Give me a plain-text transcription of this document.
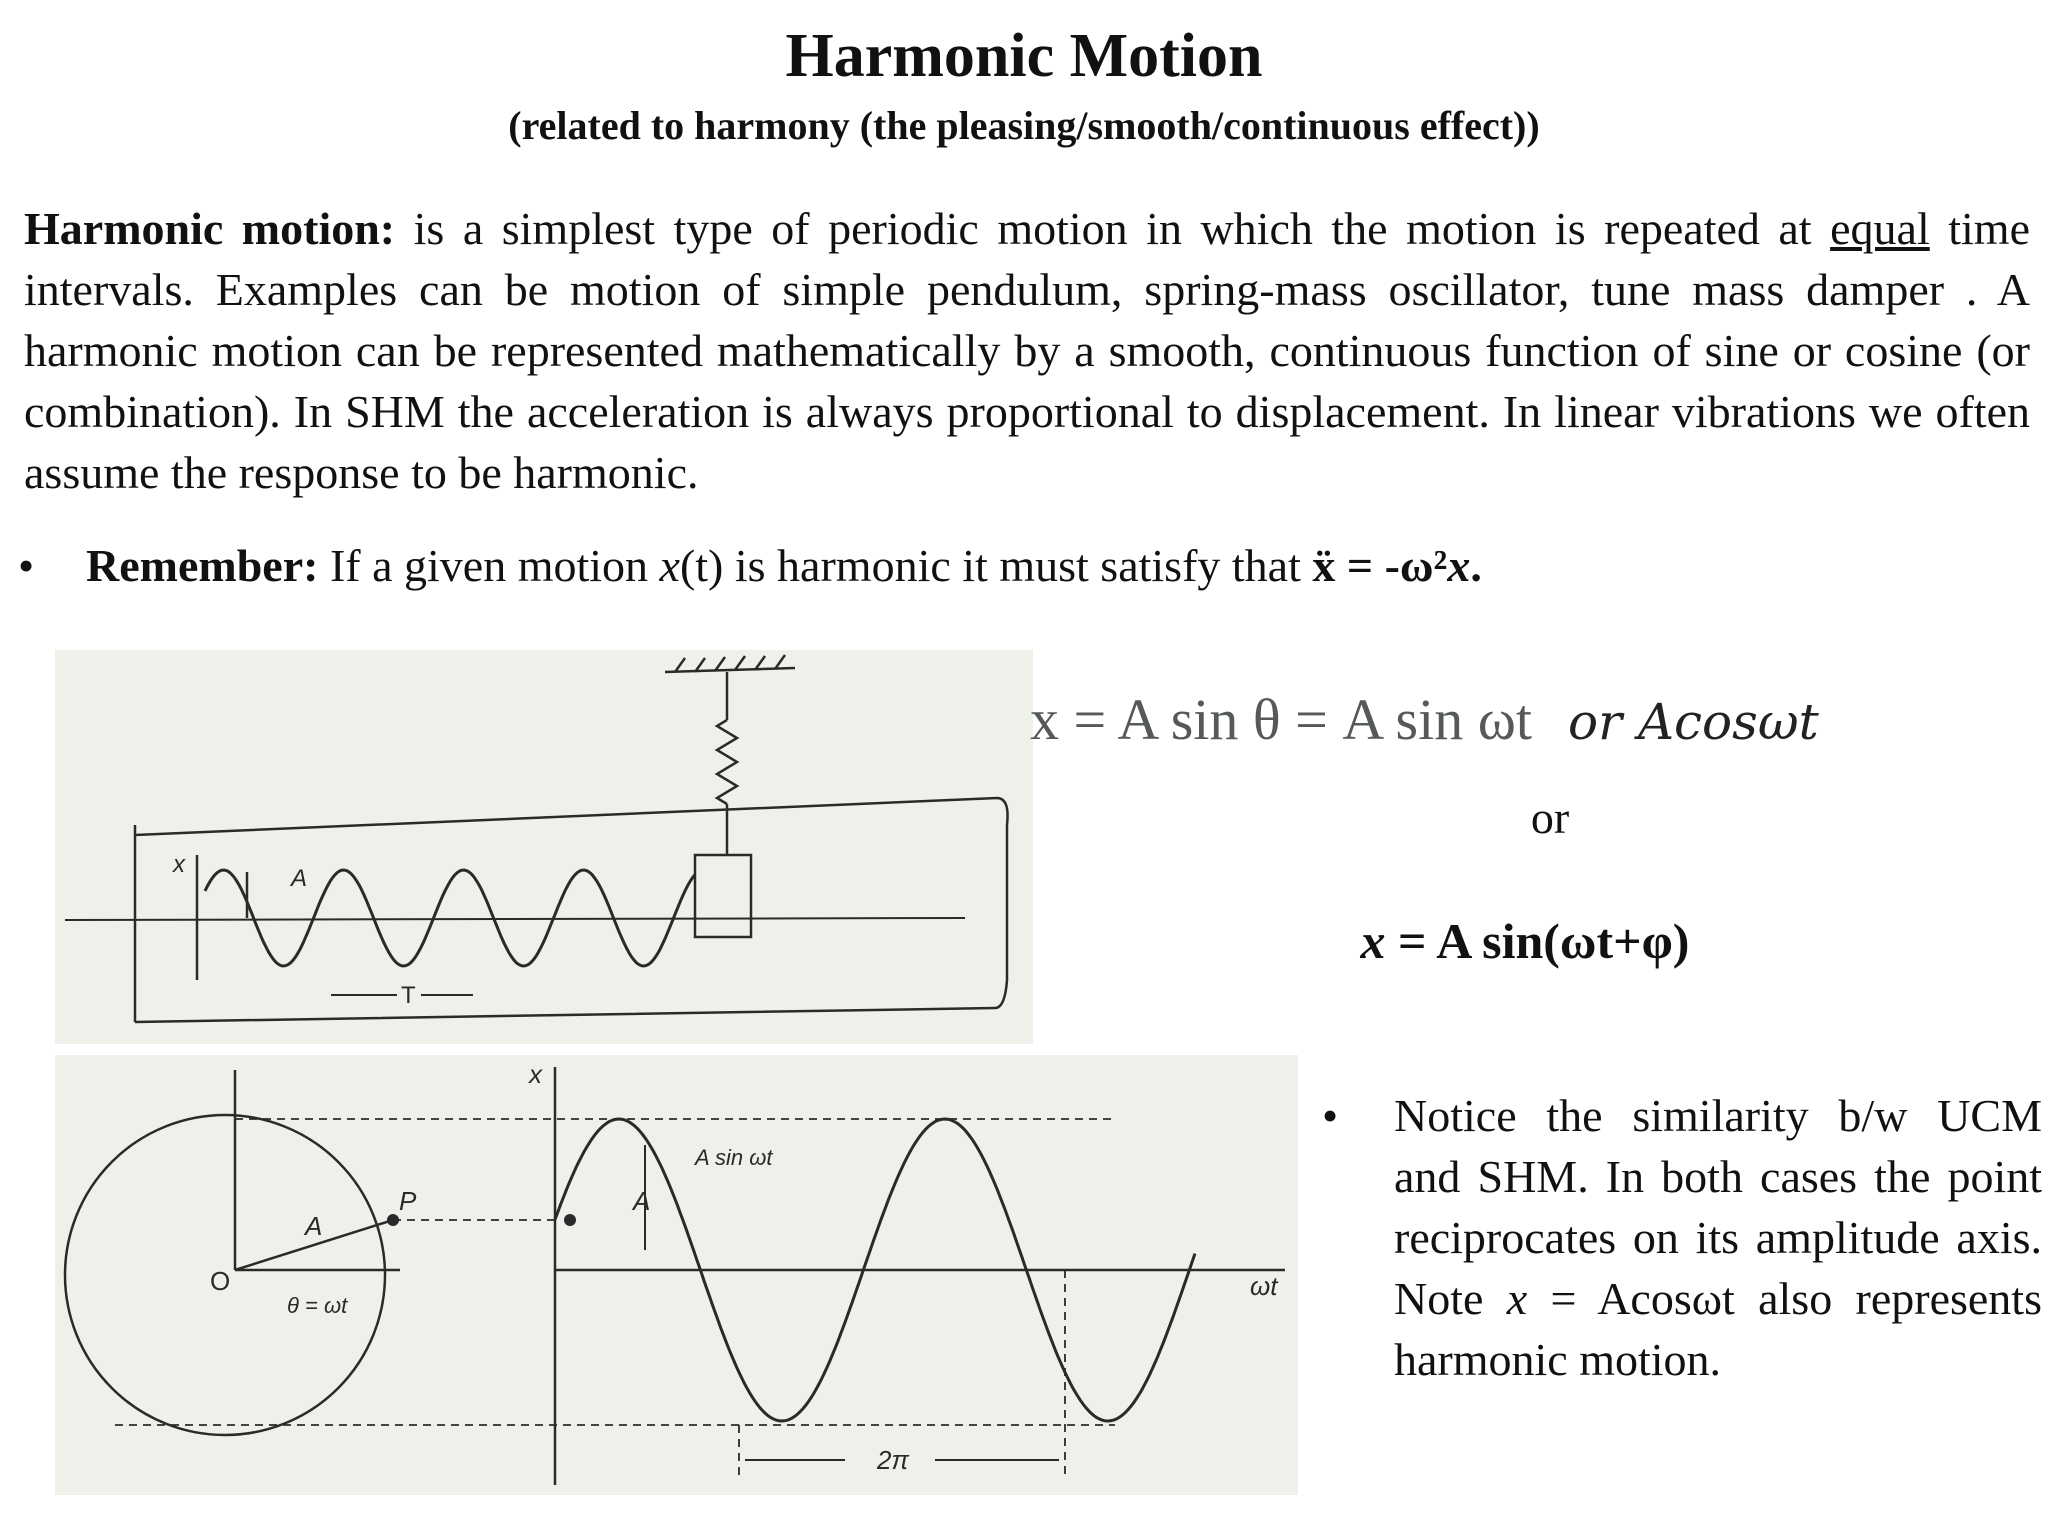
Harmonic Motion
(related to harmony (the pleasing/smooth/continuous effect))

Harmonic motion: is a simplest type of periodic motion in which the motion is repeated at equal time intervals. Examples can be motion of simple pendulum, spring-mass oscillator, tune mass damper . A harmonic motion can be represented mathematically by a smooth, continuous function of sine or cosine (or combination). In SHM the acceleration is always proportional to displacement. In linear vibrations we often assume the response to be harmonic.

• Remember: If a given motion x(t) is harmonic it must satisfy that ẍ = -ω²x.

x
A
T
x
P
A
O
θ = ωt
A sin ωt
A
ωt
2π
x = A sin θ = A sin ωt or Acosωt
or
x = A sin(ωt+φ)
•	Notice the similarity b/w UCM and SHM. In both cases the point reciprocates on its amplitude axis. Note x = Acosωt also represents harmonic motion.
